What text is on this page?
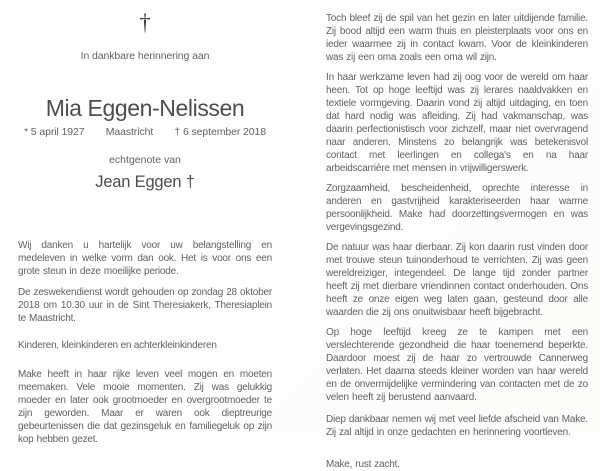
†
In dankbare herinnering aan
Mia Eggen-Nelissen
* 5 april 1927 Maastricht † 6 september 2018
echtgenote van
Jean Eggen †
Wij danken u hartelijk voor uw belangstelling en medeleven in welke vorm dan ook. Het is voor ons een grote steun in deze moeilijke periode.
De zeswekendienst wordt gehouden op zondag 28 oktober 2018 om 10.30 uur in de Sint Theresiakerk, Theresiaplein te Maastricht.
Kinderen, kleinkinderen en achterkleinkinderen
Make heeft in haar rijke leven veel mogen en moeten meemaken. Vele mooie momenten. Zij was gelukkig moeder en later ook grootmoeder en overgrootmoeder te zijn geworden. Maar er waren ook dieptreurige gebeurtenissen die dat gezinsgeluk en familiegeluk op zijn kop hebben gezet.
Toch bleef zij de spil van het gezin en later uitdijende familie. Zij bood altijd een warm thuis en pleisterplaats voor ons en ieder waarmee zij in contact kwam. Voor de kleinkinderen was zij een oma zoals een oma wil zijn.
In haar werkzame leven had zij oog voor de wereld om haar heen. Tot op hoge leeftijd was zij lerares naaldvakken en textiele vormgeving. Daarin vond zij altijd uitdaging, en toen dat hard nodig was afleiding. Zij had vakmanschap, was daarin perfectionistisch voor zichzelf, maar niet overvragend naar anderen. Minstens zo belangrijk was betekenisvol contact met leerlingen en collega's en na haar arbeidscarrière met mensen in vrijwilligerswerk.
Zorgzaamheid, bescheidenheid, oprechte interesse in anderen en gastvrijheid karakteriseerden haar warme persoonlijkheid. Make had doorzettingsvermogen en was vergevingsgezind.
De natuur was haar dierbaar. Zij kon daarin rust vinden door met trouwe steun tuinonderhoud te verrichten. Zij was geen wereldreiziger, integendeel. De lange tijd zonder partner heeft zij met dierbare vriendinnen contact onderhouden. Ons heeft ze onze eigen weg laten gaan, gesteund door alle waarden die zij ons onuitwisbaar heeft bijgebracht.
Op hoge leeftijd kreeg ze te kampen met een verslechterende gezondheid die haar toenemend beperkte. Daardoor moest zij de haar zo vertrouwde Cannerweg verlaten. Het daarna steeds kleiner worden van haar wereld en de onvermijdelijke vermindering van contacten met de zo velen heeft zij berustend aanvaard.
Diep dankbaar nemen wij met veel liefde afscheid van Make. Zij zal altijd in onze gedachten en herinnering voortleven.
Make, rust zacht.
